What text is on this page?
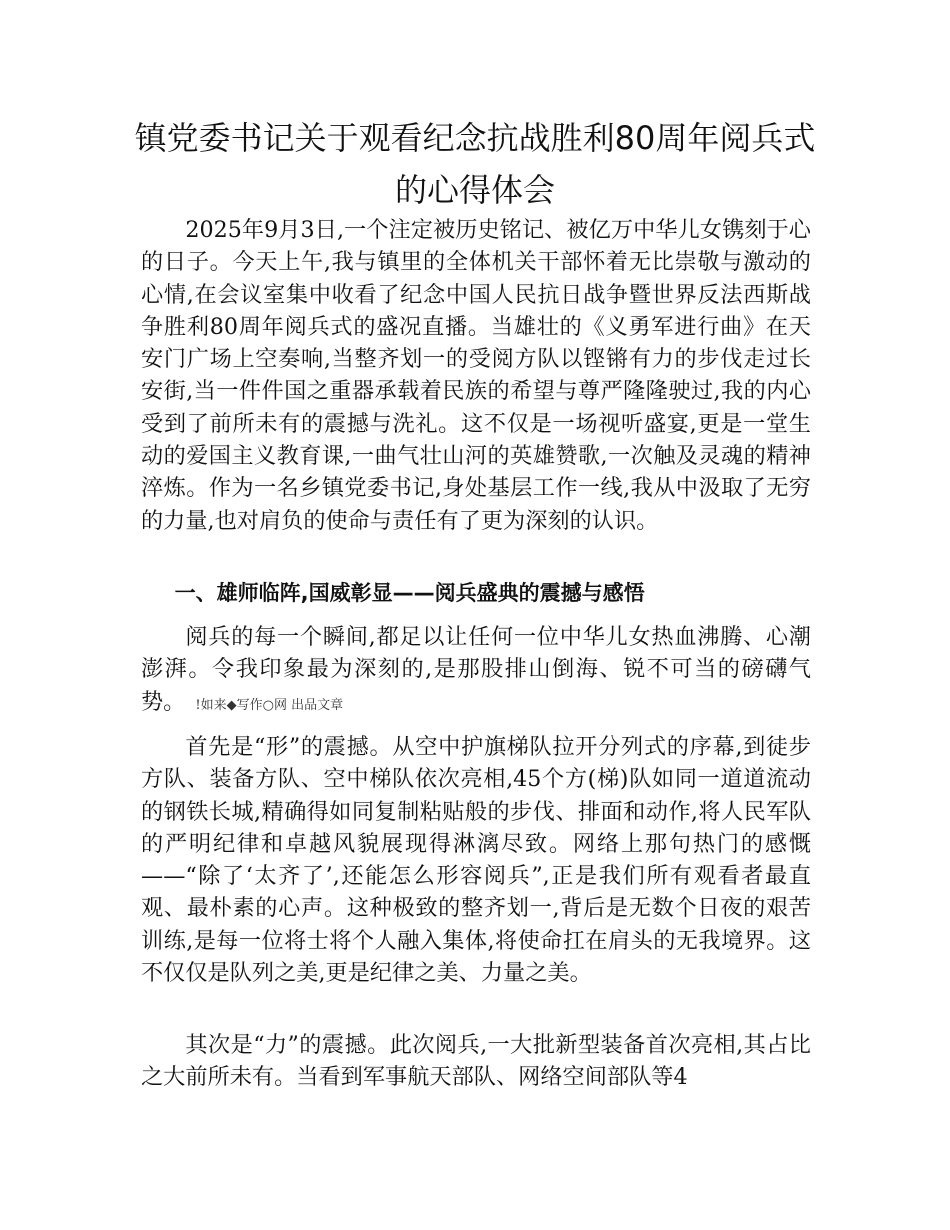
镇党委书记关于观看纪念抗战胜利80周年阅兵式的心得体会

2025年9月3日,一个注定被历史铭记、被亿万中华儿女镌刻于心的日子。今天上午,我与镇里的全体机关干部怀着无比崇敬与激动的心情,在会议室集中收看了纪念中国人民抗日战争暨世界反法西斯战争胜利80周年阅兵式的盛况直播。当雄壮的《义勇军进行曲》在天安门广场上空奏响,当整齐划一的受阅方队以铿锵有力的步伐走过长安街,当一件件国之重器承载着民族的希望与尊严隆隆驶过,我的内心受到了前所未有的震撼与洗礼。这不仅是一场视听盛宴,更是一堂生动的爱国主义教育课,一曲气壮山河的英雄赞歌,一次触及灵魂的精神淬炼。作为一名乡镇党委书记,身处基层工作一线,我从中汲取了无穷的力量,也对肩负的使命与责任有了更为深刻的认识。

一、雄师临阵,国威彰显——阅兵盛典的震撼与感悟

阅兵的每一个瞬间,都足以让任何一位中华儿女热血沸腾、心潮澎湃。令我印象最为深刻的,是那股排山倒海、锐不可当的磅礴气势。 !如来◆写作○网 出品文章

首先是“形”的震撼。从空中护旗梯队拉开分列式的序幕,到徒步方队、装备方队、空中梯队依次亮相,45个方(梯)队如同一道道流动的钢铁长城,精确得如同复制粘贴般的步伐、排面和动作,将人民军队的严明纪律和卓越风貌展现得淋漓尽致。网络上那句热门的感慨——“除了‘太齐了’,还能怎么形容阅兵”,正是我们所有观看者最直观、最朴素的心声。这种极致的整齐划一,背后是无数个日夜的艰苦训练,是每一位将士将个人融入集体,将使命扛在肩头的无我境界。这不仅仅是队列之美,更是纪律之美、力量之美。

其次是“力”的震撼。此次阅兵,一大批新型装备首次亮相,其占比之大前所未有。当看到军事航天部队、网络空间部队等4
